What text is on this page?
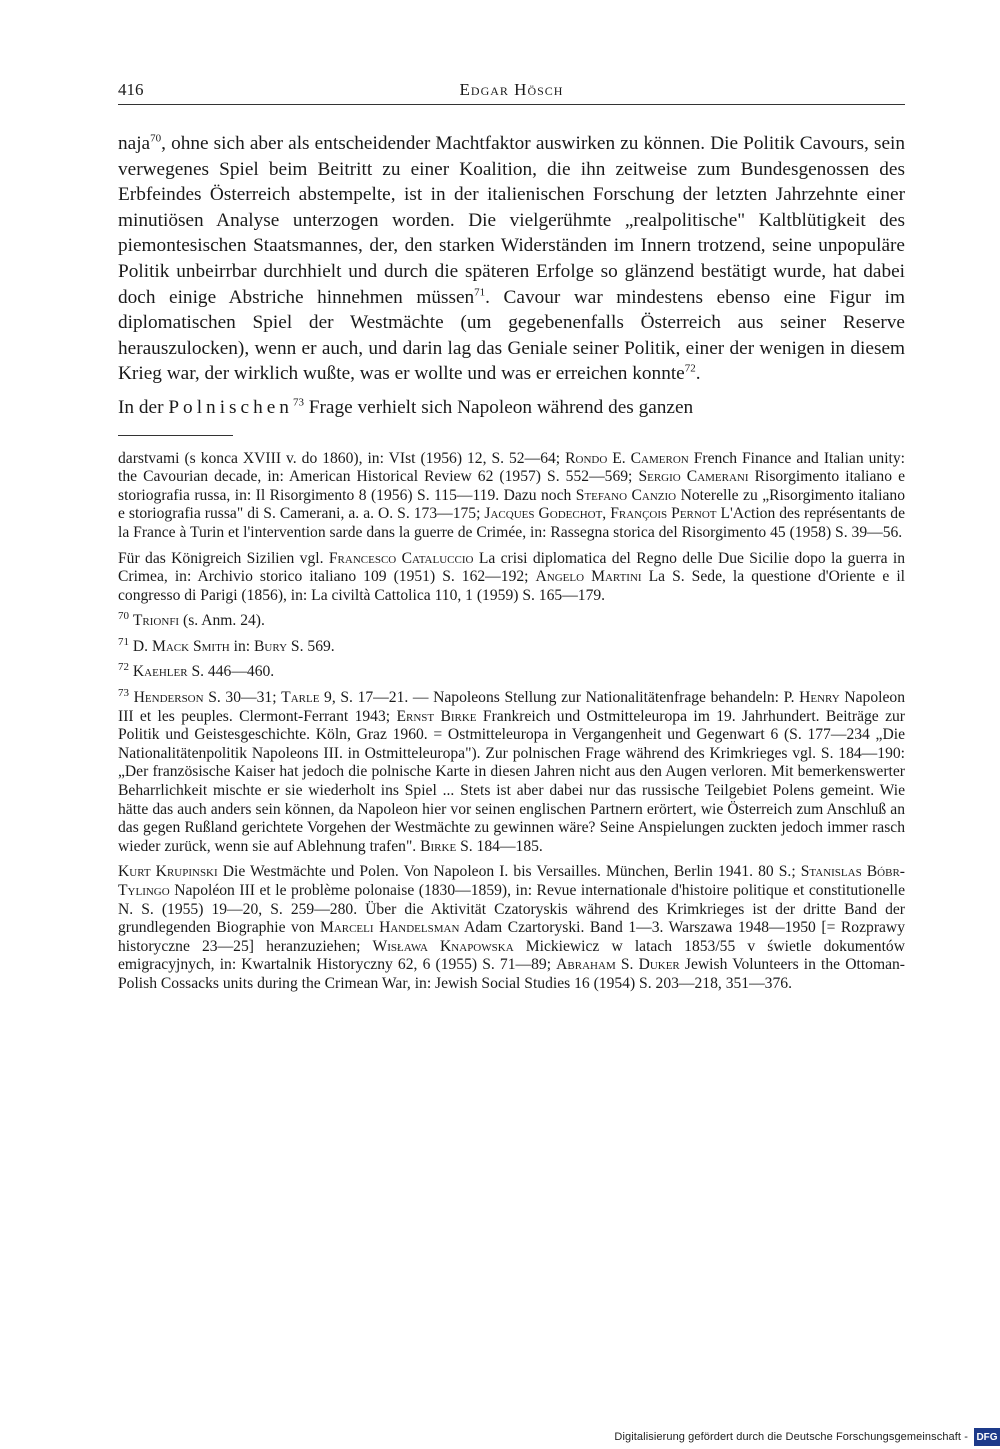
416	Edgar Hösch

naja$^{70}$, ohne sich aber als entscheidender Machtfaktor auswirken zu können. Die Politik Cavours, sein verwegenes Spiel beim Beitritt zu einer Koalition, die ihn zeitweise zum Bundesgenossen des Erbfeindes Österreich abstempelte, ist in der italienischen Forschung der letzten Jahrzehnte einer minutiösen Analyse unterzogen worden. Die vielgerühmte „realpolitische" Kaltblütigkeit des piemontesischen Staatsmannes, der, den starken Widerständen im Innern trotzend, seine unpopuläre Politik unbeirrbar durchhielt und durch die späteren Erfolge so glänzend bestätigt wurde, hat dabei doch einige Abstriche hinnehmen müssen$^{71}$. Cavour war mindestens ebenso eine Figur im diplomatischen Spiel der Westmächte (um gegebenenfalls Österreich aus seiner Reserve herauszulocken), wenn er auch, und darin lag das Geniale seiner Politik, einer der wenigen in diesem Krieg war, der wirklich wußte, was er wollte und was er erreichen konnte$^{72}$.

In der Polnischen$^{73}$ Frage verhielt sich Napoleon während des ganzen

darstvami (s konca XVIII v. do 1860), in: VIst (1956) 12, S. 52—64; Rondo E. Cameron French Finance and Italian unity: the Cavourian decade, in: American Historical Review 62 (1957) S. 552—569; Sergio Camerani Risorgimento italiano e storiografia russa, in: Il Risorgimento 8 (1956) S. 115—119. Dazu noch Stefano Canzio Noterelle zu „Risorgimento italiano e storiografia russa" di S. Camerani, a. a. O. S. 173—175; Jacques Godechot, François Pernot L'Action des représentants de la France à Turin et l'intervention sarde dans la guerre de Crimée, in: Rassegna storica del Risorgimento 45 (1958) S. 39—56.

Für das Königreich Sizilien vgl. Francesco Cataluccio La crisi diplomatica del Regno delle Due Sicilie dopo la guerra in Crimea, in: Archivio storico italiano 109 (1951) S. 162—192; Angelo Martini La S. Sede, la questione d'Oriente e il congresso di Parigi (1856), in: La civiltà Cattolica 110, 1 (1959) S. 165—179.

$^{70}$ Trionfi (s. Anm. 24).

$^{71}$ D. Mack Smith in: Bury S. 569.

$^{72}$ Kaehler S. 446—460.

$^{73}$ Henderson S. 30—31; Tarle 9, S. 17—21. — Napoleons Stellung zur Nationalitätenfrage behandeln: P. Henry Napoleon III et les peuples. Clermont-Ferrant 1943; Ernst Birke Frankreich und Ostmitteleuropa im 19. Jahrhundert. Beiträge zur Politik und Geistesgeschichte. Köln, Graz 1960. = Ostmitteleuropa in Vergangenheit und Gegenwart 6 (S. 177—234 „Die Nationalitätenpolitik Napoleons III. in Ostmitteleuropa"). Zur polnischen Frage während des Krimkrieges vgl. S. 184—190: „Der französische Kaiser hat jedoch die polnische Karte in diesen Jahren nicht aus den Augen verloren. Mit bemerkenswerter Beharrlichkeit mischte er sie wiederholt ins Spiel ... Stets ist aber dabei nur das russische Teilgebiet Polens gemeint. Wie hätte das auch anders sein können, da Napoleon hier vor seinen englischen Partnern erörtert, wie Österreich zum Anschluß an das gegen Rußland gerichtete Vorgehen der Westmächte zu gewinnen wäre? Seine Anspielungen zuckten jedoch immer rasch wieder zurück, wenn sie auf Ablehnung trafen". Birke S. 184—185.

Kurt Krupinski Die Westmächte und Polen. Von Napoleon I. bis Versailles. München, Berlin 1941. 80 S.; Stanislas Bóbr-Tylingo Napoléon III et le problème polonaise (1830—1859), in: Revue internationale d'histoire politique et constitutionelle N. S. (1955) 19—20, S. 259—280. Über die Aktivität Czatoryskis während des Krimkrieges ist der dritte Band der grundlegenden Biographie von Marceli Handelsman Adam Czartoryski. Band 1—3. Warszawa 1948—1950 [= Rozprawy historyczne 23—25] heranzuziehen; Wisława Knapowska Mickiewicz w latach 1853/55 v świetle dokumentów emigracyjnych, in: Kwartalnik Historyczny 62, 6 (1955) S. 71—89; Abraham S. Duker Jewish Volunteers in the Ottoman-Polish Cossacks units during the Crimean War, in: Jewish Social Studies 16 (1954) S. 203—218, 351—376.

Digitalisierung gefördert durch die Deutsche Forschungsgemeinschaft - DFG
